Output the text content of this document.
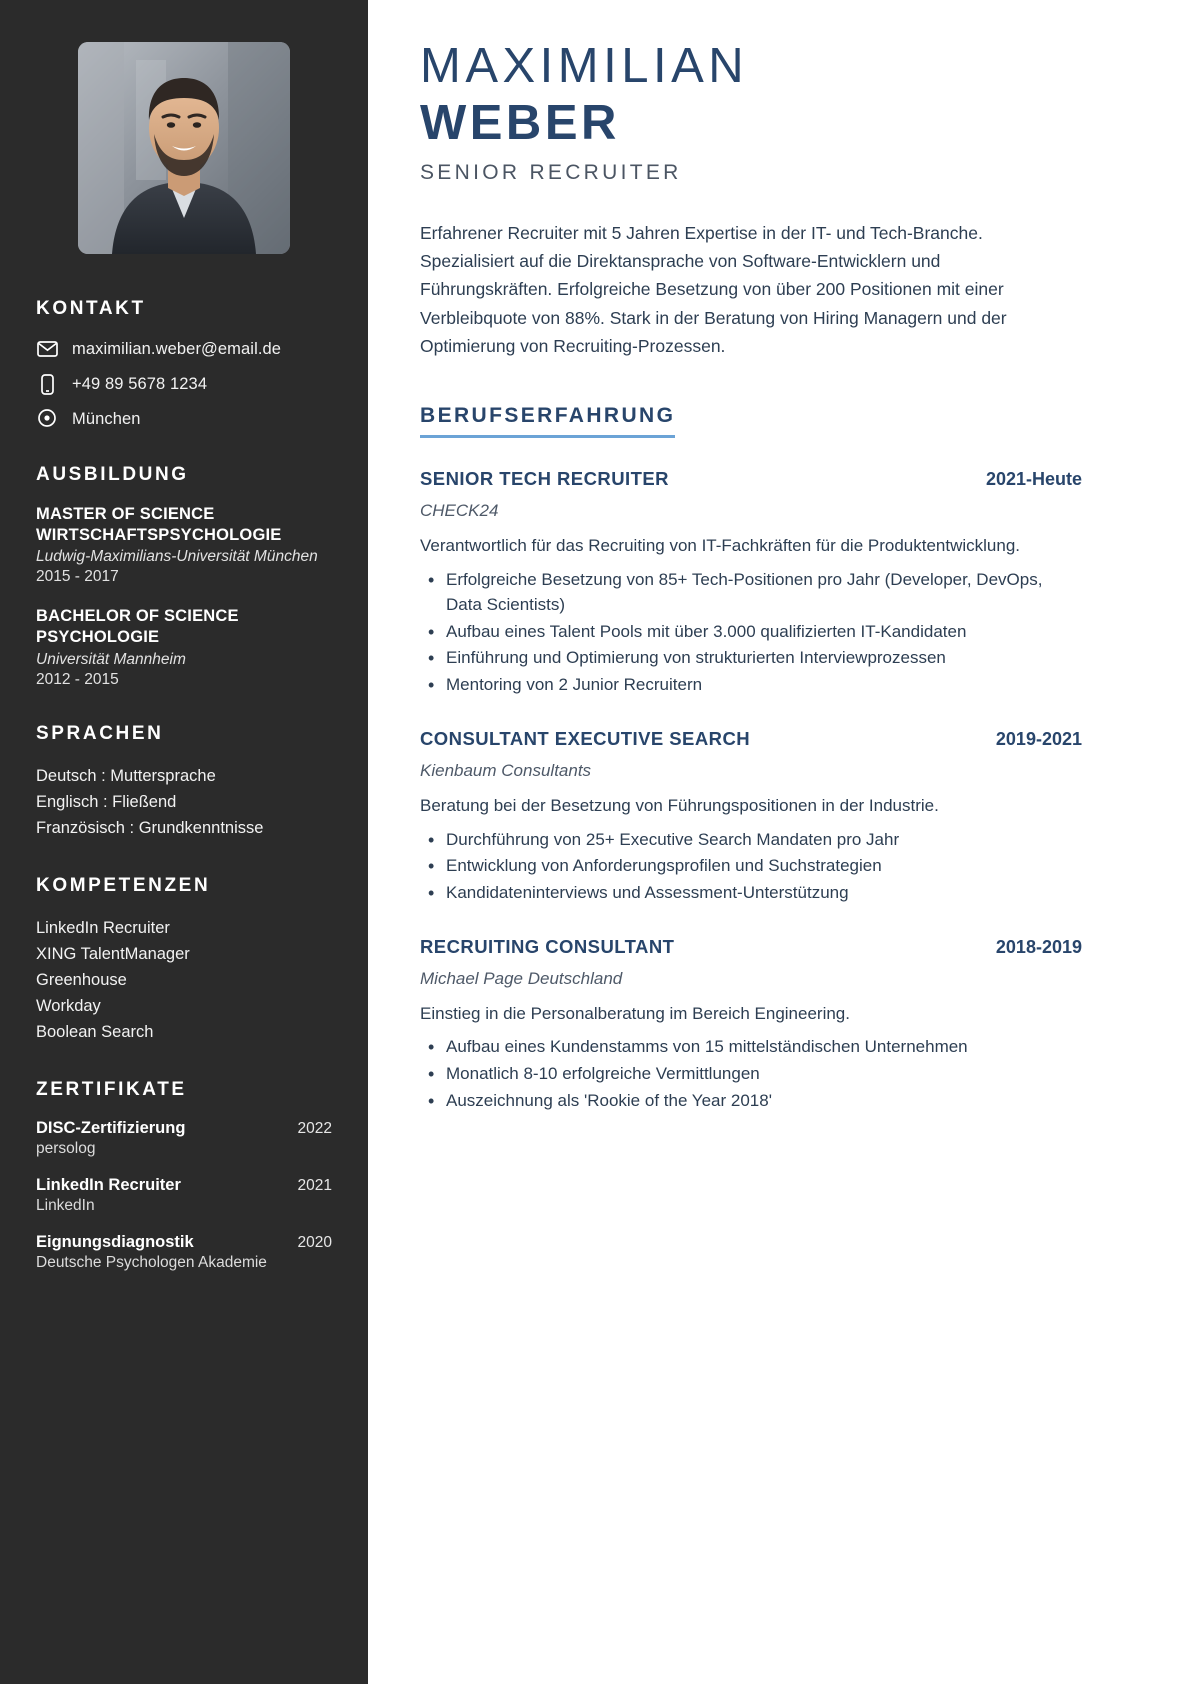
KONTAKT
maximilian.weber@email.de
+49 89 5678 1234
München
AUSBILDUNG
MASTER OF SCIENCE WIRTSCHAFTSPSYCHOLOGIE
Ludwig-Maximilians-Universität München
2015 - 2017
BACHELOR OF SCIENCE PSYCHOLOGIE
Universität Mannheim
2012 - 2015
SPRACHEN
Deutsch : Muttersprache
Englisch : Fließend
Französisch : Grundkenntnisse
KOMPETENZEN
LinkedIn Recruiter
XING TalentManager
Greenhouse
Workday
Boolean Search
ZERTIFIKATE
DISC-Zertifizierung	2022
persolog
LinkedIn Recruiter	2021
LinkedIn
Eignungsdiagnostik	2020
Deutsche Psychologen Akademie
MAXIMILIAN
WEBER
SENIOR RECRUITER

Erfahrener Recruiter mit 5 Jahren Expertise in der IT- und Tech-Branche. Spezialisiert auf die Direktansprache von Software-Entwicklern und Führungskräften. Erfolgreiche Besetzung von über 200 Positionen mit einer Verbleibquote von 88%. Stark in der Beratung von Hiring Managern und der Optimierung von Recruiting-Prozessen.

BERUFSERFAHRUNG
SENIOR TECH RECRUITER	2021-Heute
CHECK24
Verantwortlich für das Recruiting von IT-Fachkräften für die Produktentwicklung.
• Erfolgreiche Besetzung von 85+ Tech-Positionen pro Jahr (Developer, DevOps, Data Scientists)
• Aufbau eines Talent Pools mit über 3.000 qualifizierten IT-Kandidaten
• Einführung und Optimierung von strukturierten Interviewprozessen
• Mentoring von 2 Junior Recruitern
CONSULTANT EXECUTIVE SEARCH	2019-2021
Kienbaum Consultants
Beratung bei der Besetzung von Führungspositionen in der Industrie.
• Durchführung von 25+ Executive Search Mandaten pro Jahr
• Entwicklung von Anforderungsprofilen und Suchstrategien
• Kandidateninterviews und Assessment-Unterstützung
RECRUITING CONSULTANT	2018-2019
Michael Page Deutschland
Einstieg in die Personalberatung im Bereich Engineering.
• Aufbau eines Kundenstamms von 15 mittelständischen Unternehmen
• Monatlich 8-10 erfolgreiche Vermittlungen
• Auszeichnung als 'Rookie of the Year 2018'
